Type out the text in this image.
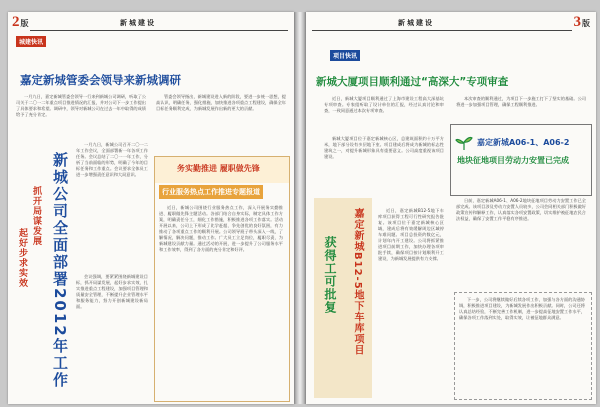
2版	新城建设
城建快讯
嘉定新城管委会领导来新城调研
一月九日，嘉定新城管委会领导一行来到新城公司调研，听取了公司关于二〇一二年重点项目推进情况的汇报，并对公司下一步工作提出了具体要求和希望。调研中，领导对新城公司在过去一年中取得的成绩给予了充分肯定。
管委会领导指出，新城建设进入新的阶段，要进一步统一思想，提高认识，明确任务，强化措施，加快推进各项重点工程建设，确保全年目标任务顺利完成，为新城发展作出新的更大的贡献。
新城公司全面部署2012年工作
抓开局谋发展
起好步求实效
一月九日，新城公司召开二〇一二年工作会议，全面部署新一年各项工作任务。会议总结了二〇一一年工作，分析了当前面临的形势，明确了今年的目标任务和工作重点。会议要求全体员工进一步增强责任意识和大局意识。
会议强调，要紧紧围绕新城建设目标，抓开局谋发展，起好步求实效，扎实推进重点工程建设，加强项目管理和质量安全管理，不断提升企业管理水平和服务能力，努力开创新城建设新局面。
务实勤推进 履职做先锋
行业服务热点工作推进专题报道
近日，新城公司围绕行业服务热点工作，深入开展务实勤推进、履职做先锋主题活动。各部门结合自身实际，制定具体工作方案，明确责任分工，细化工作措施，积极推进各项工作落实。活动开展以来，公司上下形成了比学赶超、争先创优的良好氛围，有力推动了各项重点工作的顺利开展。公司领导班子带头深入一线，了解情况，解决问题，推动工作。广大员工立足岗位，履职尽责，为新城建设贡献力量。通过活动的开展，进一步提升了公司服务水平和工作效率，得到了各方面的充分肯定和好评。
3版
新城建设
项目快讯
新城大厦项目顺利通过“高深大”专项审查
近日，新城大厦项目顺利通过了上海市建设工程高大深基坑专项审查。专家组听取了设计单位的汇报，经过认真讨论和审查，一致同意通过本次专项审查。
本次审查的顺利通过，为项目下一步施工打下了坚实的基础。公司将进一步加强项目管理，确保工程顺利推进。
新城大厦项目位于嘉定新城核心区，总建筑面积约十万平方米，地下部分设有多层地下室。项目建成后将成为新城的标志性建筑之一，对提升新城形象具有重要意义。公司高度重视该项目建设。
嘉定新城B12-5地下车库项目
获得工可批复
近日，嘉定新城B12-5地下车库项目获得工程可行性研究报告批复。该项目位于嘉定新城核心区域，建成后将有效缓解周边区域停车难问题。项目总投资约数亿元，计划年内开工建设。公司将抓紧推进项目前期工作，加快办理各项审批手续，确保项目按计划顺利开工建设，为新城发展提供有力支撑。
嘉定新城A06-1、A06-2
地块征地项目劳动力安置已完成
日前，嘉定新城A06-1、A06-2地块征地项目劳动力安置工作已全部完成。该项目涉及劳动力安置人员较多，公司会同相关部门积极做好政策宣传和解释工作，认真落实各项安置政策，切实维护被征地农民合法权益，确保了安置工作平稳有序推进。
下一步，公司将继续做好后续各项工作，加强与各方面的沟通协调，积极推进项目建设，为新城发展作出积极贡献。同时，公司还将认真总结经验，不断完善工作机制，进一步提高征地安置工作水平，确保各项工作落到实处，取得实效，让被征地群众满意。
